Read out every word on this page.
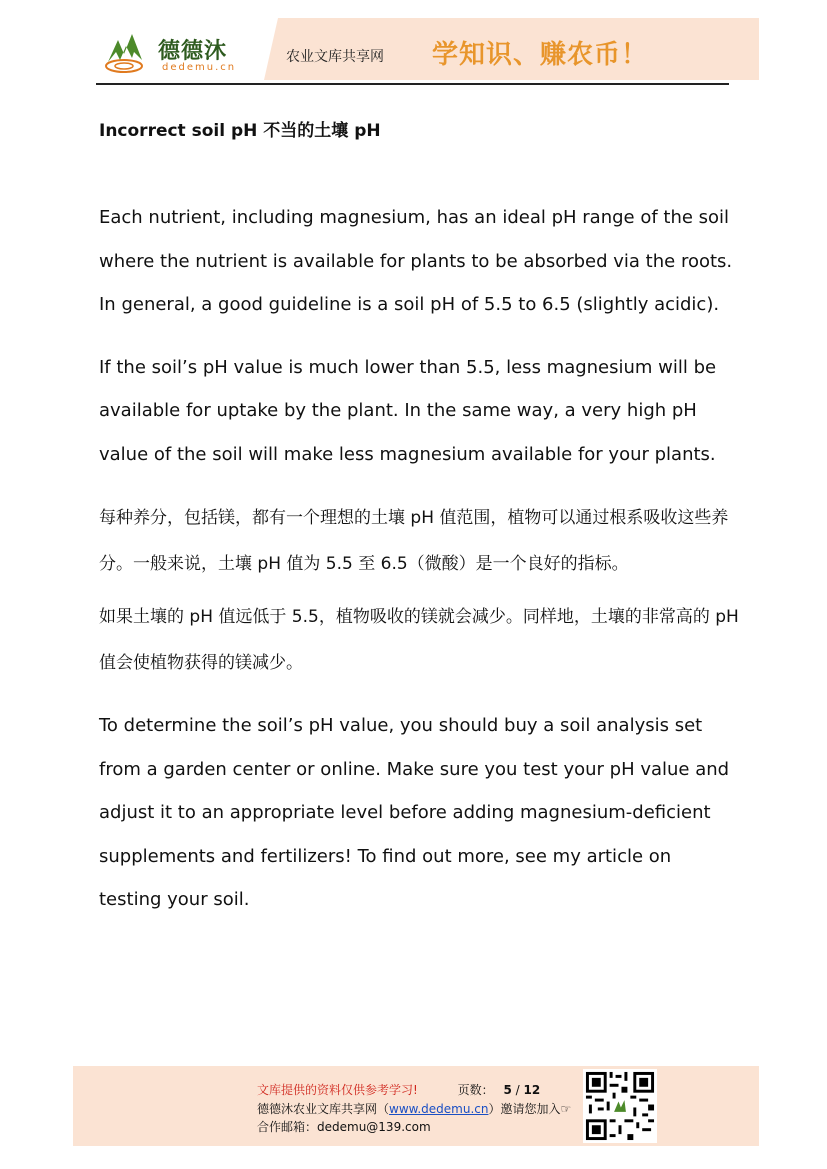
德德沐
dedemu.cn
农业文库共享网 学知识、赚农币！
Incorrect soil pH 不当的土壤 pH

Each nutrient, including magnesium, has an ideal pH range of the soil where the nutrient is available for plants to be absorbed via the roots. In general, a good guideline is a soil pH of 5.5 to 6.5 (slightly acidic).

If the soil’s pH value is much lower than 5.5, less magnesium will be available for uptake by the plant. In the same way, a very high pH value of the soil will make less magnesium available for your plants.

每种养分，包括镁，都有一个理想的土壤 pH 值范围，植物可以通过根系吸收这些养分。一般来说，土壤 pH 值为 5.5 至 6.5（微酸）是一个良好的指标。

如果土壤的 pH 值远低于 5.5，植物吸收的镁就会减少。同样地，土壤的非常高的 pH 值会使植物获得的镁减少。

To determine the soil’s pH value, you should buy a soil analysis set from a garden center or online. Make sure you test your pH value and adjust it to an appropriate level before adding magnesium-deficient supplements and fertilizers! To find out more, see my article on testing your soil.

文库提供的资料仅供参考学习!	页数： 5 / 12
德德沐农业文库共享网（www.dedemu.cn）邀请您加入☞
合作邮箱：dedemu@139.com
